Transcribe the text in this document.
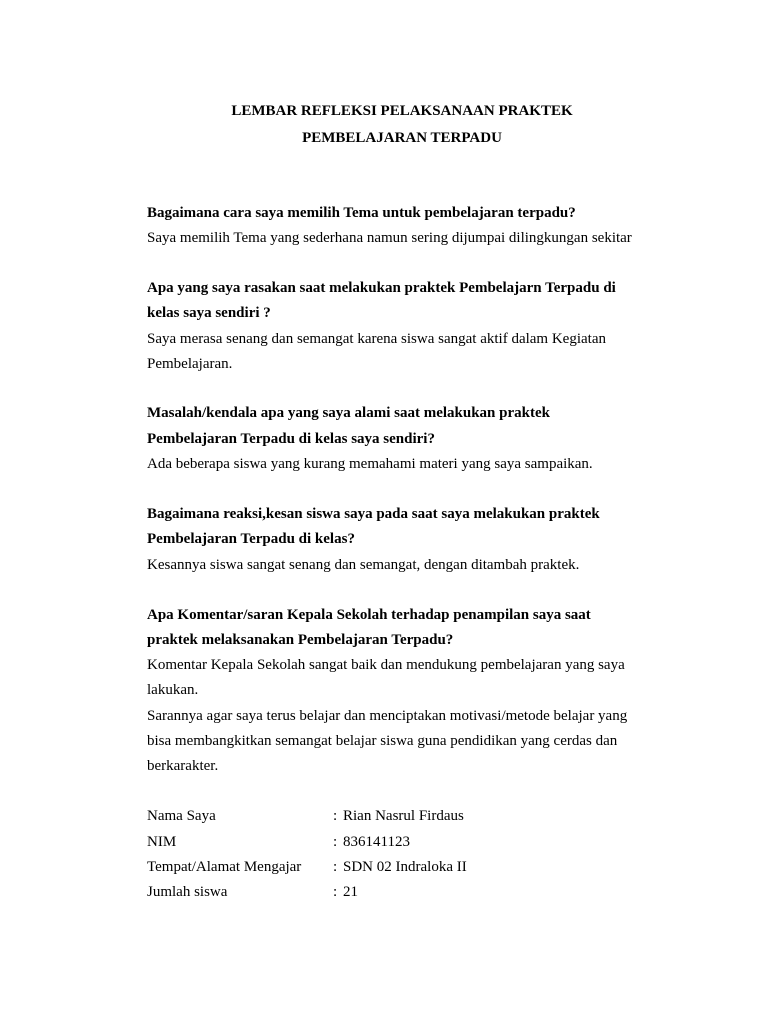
LEMBAR REFLEKSI PELAKSANAAN PRAKTEK
PEMBELAJARAN TERPADU
Bagaimana cara saya memilih Tema untuk pembelajaran terpadu?
Saya memilih Tema yang sederhana namun sering dijumpai dilingkungan sekitar
Apa yang saya rasakan saat melakukan praktek Pembelajarn Terpadu di
kelas saya sendiri ?
Saya merasa senang dan semangat karena siswa sangat aktif dalam Kegiatan
Pembelajaran.
Masalah/kendala apa yang saya alami saat melakukan praktek
Pembelajaran Terpadu di kelas saya sendiri?
Ada beberapa siswa yang kurang memahami materi yang saya sampaikan.
Bagaimana reaksi,kesan siswa saya pada saat saya melakukan praktek
Pembelajaran Terpadu di kelas?
Kesannya siswa sangat senang dan semangat, dengan ditambah praktek.
Apa Komentar/saran Kepala Sekolah terhadap penampilan saya saat
praktek melaksanakan Pembelajaran Terpadu?
Komentar Kepala Sekolah sangat baik dan mendukung pembelajaran yang saya
lakukan.
Sarannya agar saya terus belajar dan menciptakan motivasi/metode belajar yang
bisa membangkitkan semangat belajar siswa guna pendidikan yang cerdas dan
berkarakter.
Nama Saya	: Rian Nasrul Firdaus
NIM	: 836141123
Tempat/Alamat Mengajar : SDN 02 Indraloka II
Jumlah siswa	: 21
